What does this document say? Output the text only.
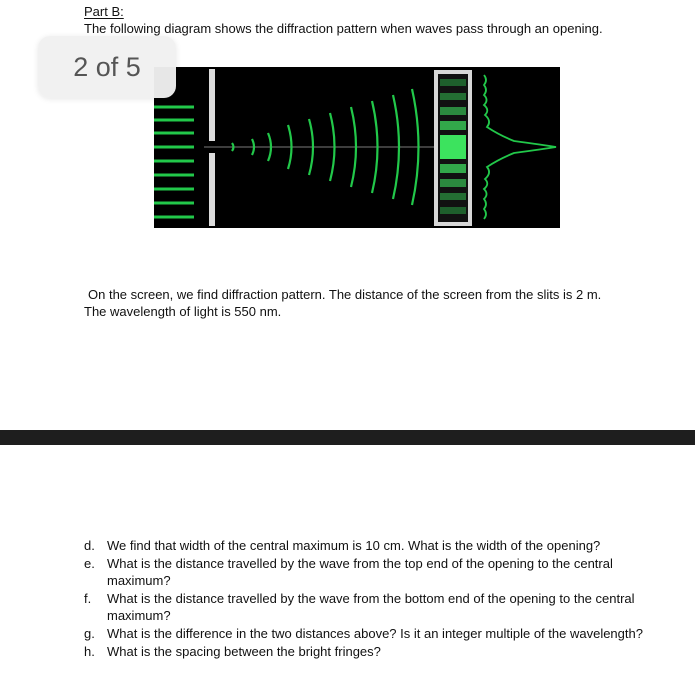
Part B:
The following diagram shows the diffraction pattern when waves pass through an opening.
2 of 5
On the screen, we find diffraction pattern. The distance of the screen from the slits is 2 m.
The wavelength of light is 550 nm.
d. We find that width of the central maximum is 10 cm. What is the width of the opening?
e. What is the distance travelled by the wave from the top end of the opening to the central maximum?
f.	What is the distance travelled by the wave from the bottom end of the opening to the central maximum?
g. What is the difference in the two distances above? Is it an integer multiple of the wavelength?
h. What is the spacing between the bright fringes?
